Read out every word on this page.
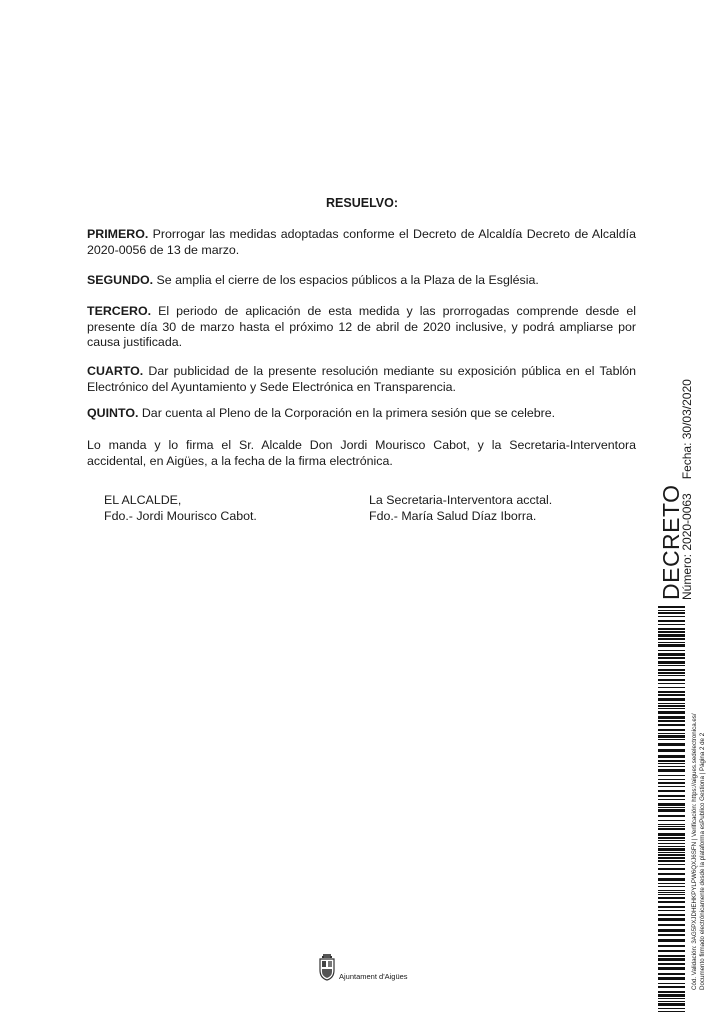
RESUELVO:
PRIMERO. Prorrogar las medidas adoptadas conforme el Decreto de Alcaldía Decreto de Alcaldía 2020-0056 de 13 de marzo.
SEGUNDO. Se amplia el cierre de los espacios públicos a la Plaza de la Església.
TERCERO. El periodo de aplicación de esta medida y las prorrogadas comprende desde el presente día 30 de marzo hasta el próximo 12 de abril de 2020 inclusive, y podrá ampliarse por causa justificada.
CUARTO. Dar publicidad de la presente resolución mediante su exposición pública en el Tablón Electrónico del Ayuntamiento y Sede Electrónica en Transparencia.
QUINTO. Dar cuenta al Pleno de la Corporación en la primera sesión que se celebre.
Lo manda y lo firma el Sr. Alcalde Don Jordi Mourisco Cabot, y la Secretaria-Interventora accidental, en Aigües, a la fecha de la firma electrónica.
EL ALCALDE,
Fdo.- Jordi Mourisco Cabot.
La Secretaria-Interventora acctal.
Fdo.- María Salud Díaz Iborra.	DECRETO
Número: 2020-0063Fecha: 30/03/2020
Cód. Validación: 3AG5PXJDHEHKPYLPW6QXJ6SFN | Verificación: https://aigues.sedelectronica.es/ Documento firmado electrónicamente desde la plataforma esPublico Gestiona | Página 2 de 2
Ajuntament d'Aigües
